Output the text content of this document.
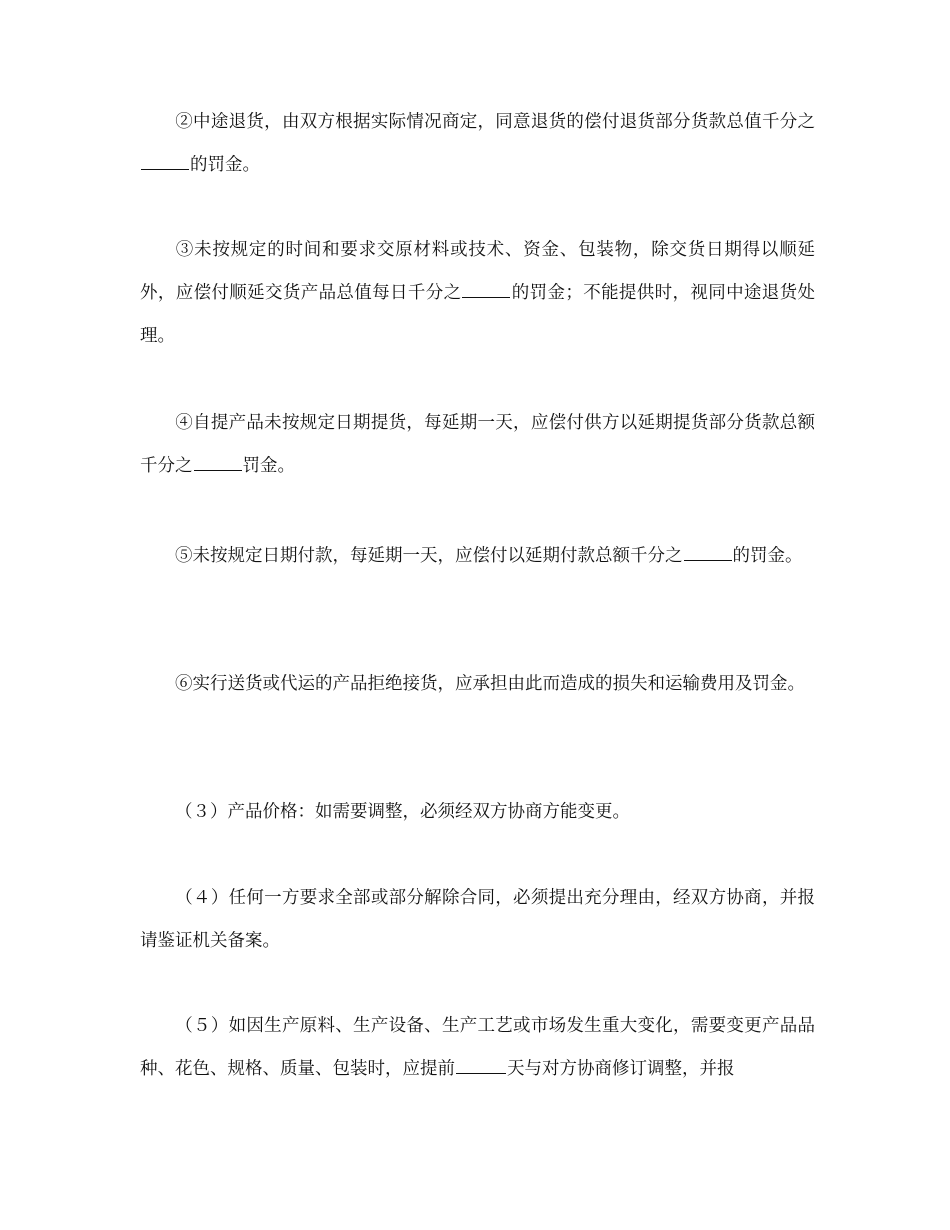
②中途退货，由双方根据实际情况商定，同意退货的偿付退货部分货款总值千分之的罚金。

③未按规定的时间和要求交原材料或技术、资金、包装物，除交货日期得以顺延外，应偿付顺延交货产品总值每日千分之	的罚金；不能提供时，视同中途退货处理。

④自提产品未按规定日期提货，每延期一天，应偿付供方以延期提货部分货款总额千分之	罚金。

⑤未按规定日期付款，每延期一天，应偿付以延期付款总额千分之	的罚金。

⑥实行送货或代运的产品拒绝接货，应承担由此而造成的损失和运输费用及罚金。

（３）产品价格：如需要调整，必须经双方协商方能变更。

（４）任何一方要求全部或部分解除合同，必须提出充分理由，经双方协商，并报请鉴证机关备案。

（５）如因生产原料、生产设备、生产工艺或市场发生重大变化，需要变更产品品种、花色、规格、质量、包装时，应提前	天与对方协商修订调整，并报
